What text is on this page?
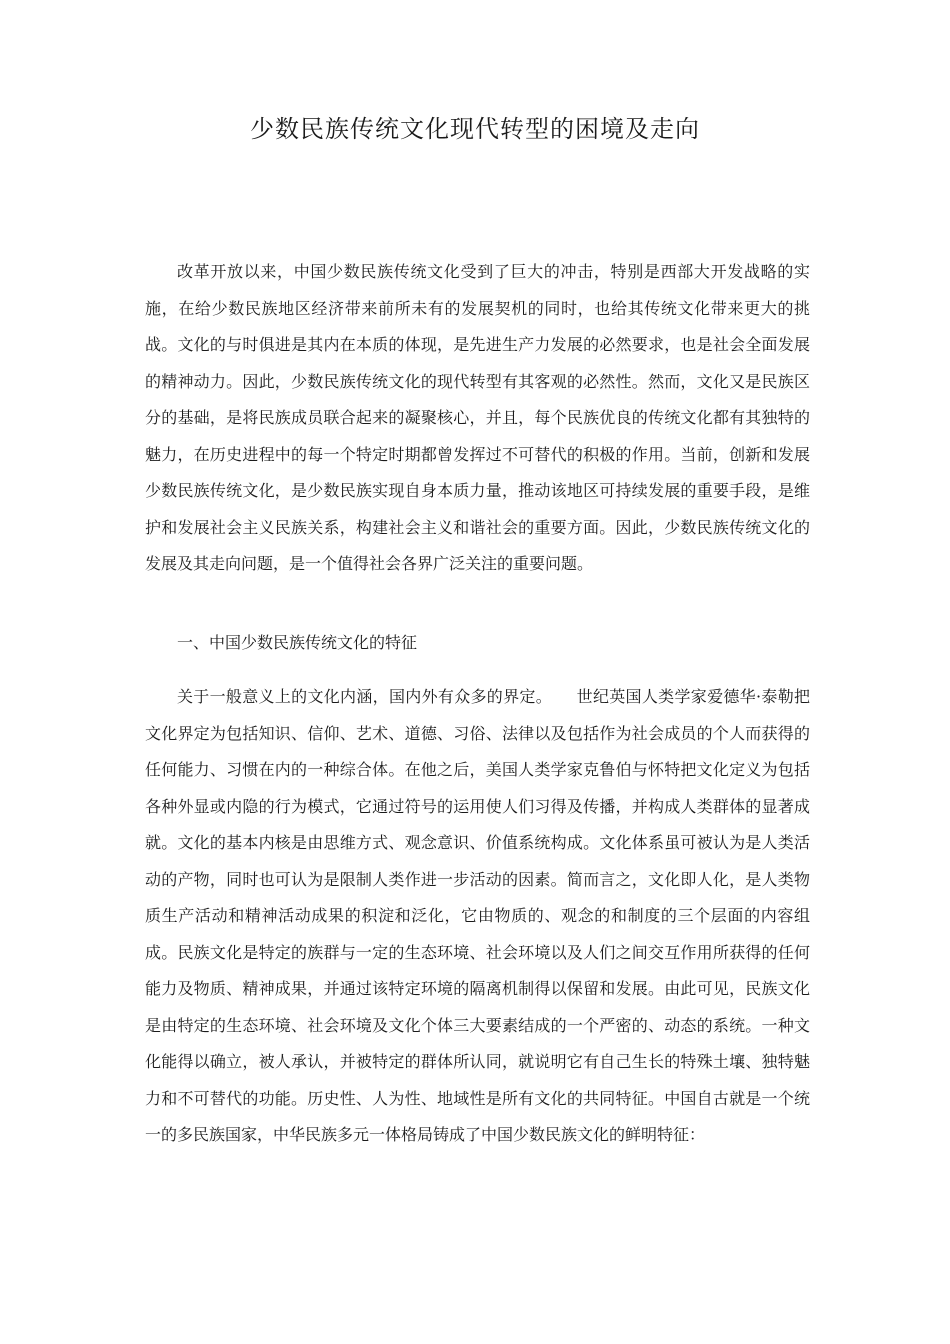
少数民族传统文化现代转型的困境及走向

改革开放以来，中国少数民族传统文化受到了巨大的冲击，特别是西部大开发战略的实施，在给少数民族地区经济带来前所未有的发展契机的同时，也给其传统文化带来更大的挑战。文化的与时俱进是其内在本质的体现，是先进生产力发展的必然要求，也是社会全面发展的精神动力。因此，少数民族传统文化的现代转型有其客观的必然性。然而，文化又是民族区分的基础，是将民族成员联合起来的凝聚核心，并且，每个民族优良的传统文化都有其独特的魅力，在历史进程中的每一个特定时期都曾发挥过不可替代的积极的作用。当前，创新和发展少数民族传统文化，是少数民族实现自身本质力量，推动该地区可持续发展的重要手段，是维护和发展社会主义民族关系，构建社会主义和谐社会的重要方面。因此，少数民族传统文化的发展及其走向问题，是一个值得社会各界广泛关注的重要问题。

一、中国少数民族传统文化的特征

关于一般意义上的文化内涵，国内外有众多的界定。　　世纪英国人类学家爱德华·泰勒把文化界定为包括知识、信仰、艺术、道德、习俗、法律以及包括作为社会成员的个人而获得的任何能力、习惯在内的一种综合体。在他之后，美国人类学家克鲁伯与怀特把文化定义为包括各种外显或内隐的行为模式，它通过符号的运用使人们习得及传播，并构成人类群体的显著成就。文化的基本内核是由思维方式、观念意识、价值系统构成。文化体系虽可被认为是人类活动的产物，同时也可认为是限制人类作进一步活动的因素。简而言之，文化即人化，是人类物质生产活动和精神活动成果的积淀和泛化，它由物质的、观念的和制度的三个层面的内容组成。民族文化是特定的族群与一定的生态环境、社会环境以及人们之间交互作用所获得的任何能力及物质、精神成果，并通过该特定环境的隔离机制得以保留和发展。由此可见，民族文化是由特定的生态环境、社会环境及文化个体三大要素结成的一个严密的、动态的系统。一种文化能得以确立，被人承认，并被特定的群体所认同，就说明它有自己生长的特殊土壤、独特魅力和不可替代的功能。历史性、人为性、地域性是所有文化的共同特征。中国自古就是一个统一的多民族国家，中华民族多元一体格局铸成了中国少数民族文化的鲜明特征：
